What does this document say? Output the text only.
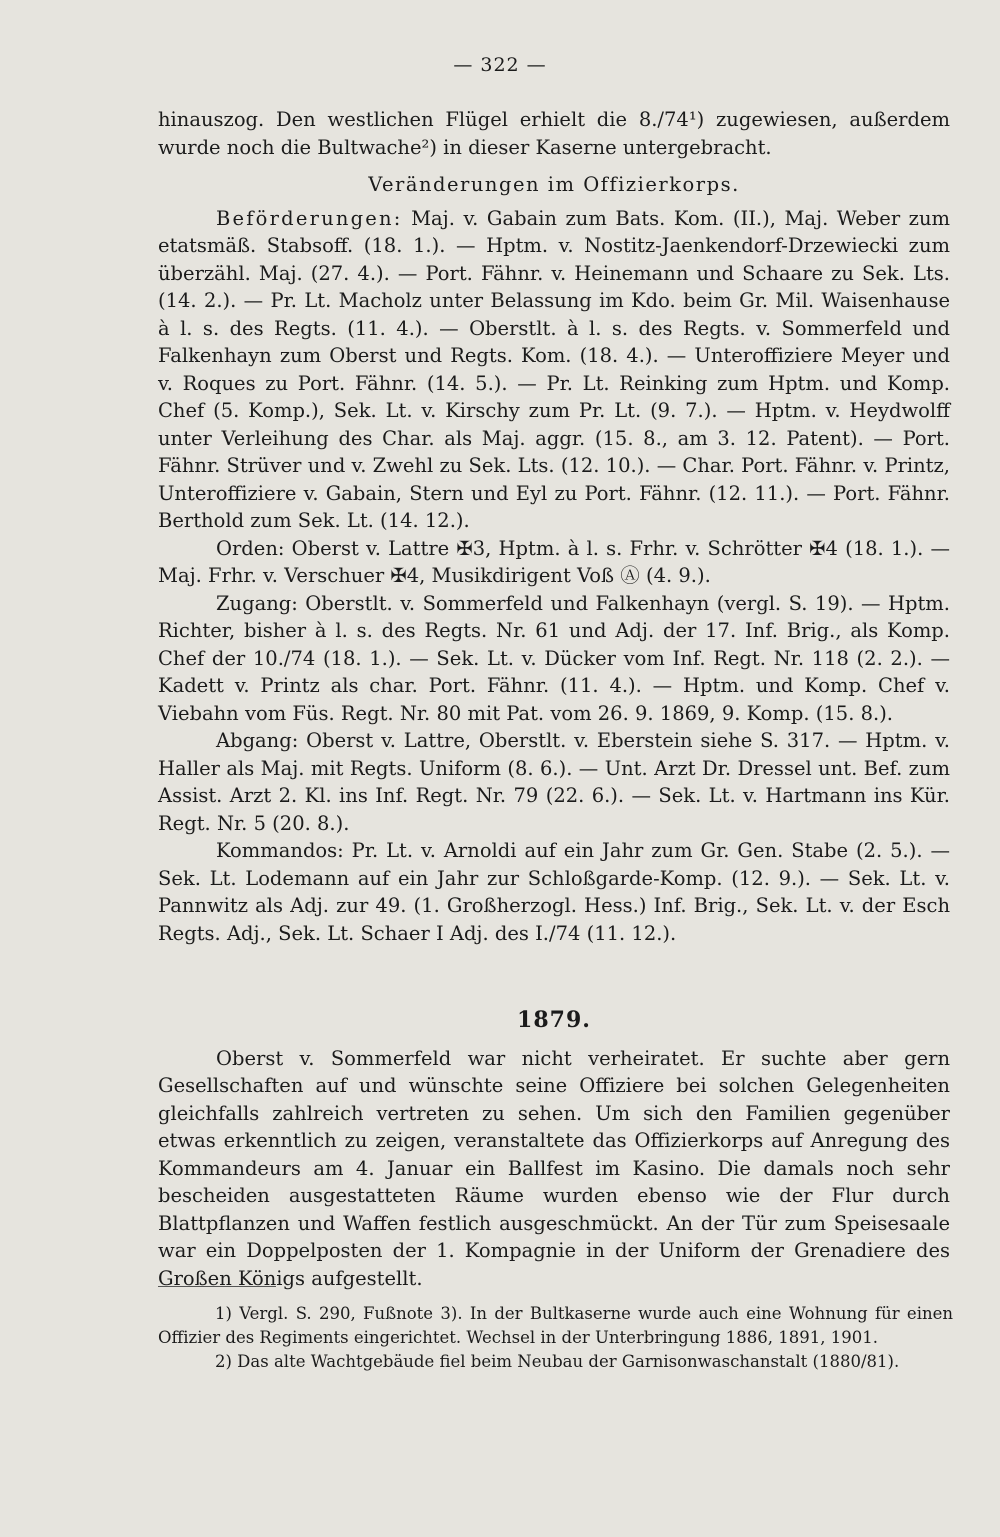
— 322 —

hinauszog. Den westlichen Flügel erhielt die 8./74¹) zugewiesen, außerdem wurde noch die Bultwache²) in dieser Kaserne untergebracht.

Veränderungen im Offizierkorps.

Beförderungen: Maj. v. Gabain zum Bats. Kom. (II.), Maj. Weber zum etatsmäß. Stabsoff. (18. 1.). — Hptm. v. Nostitz-Jaenkendorf-Drzewiecki zum überzähl. Maj. (27. 4.). — Port. Fähnr. v. Heinemann und Schaare zu Sek. Lts. (14. 2.). — Pr. Lt. Macholz unter Belassung im Kdo. beim Gr. Mil. Waisenhause à l. s. des Regts. (11. 4.). — Oberstlt. à l. s. des Regts. v. Sommerfeld und Falkenhayn zum Oberst und Regts. Kom. (18. 4.). — Unteroffiziere Meyer und v. Roques zu Port. Fähnr. (14. 5.). — Pr. Lt. Reinking zum Hptm. und Komp. Chef (5. Komp.), Sek. Lt. v. Kirschy zum Pr. Lt. (9. 7.). — Hptm. v. Heydwolff unter Verleihung des Char. als Maj. aggr. (15. 8., am 3. 12. Patent). — Port. Fähnr. Strüver und v. Zwehl zu Sek. Lts. (12. 10.). — Char. Port. Fähnr. v. Printz, Unteroffiziere v. Gabain, Stern und Eyl zu Port. Fähnr. (12. 11.). — Port. Fähnr. Berthold zum Sek. Lt. (14. 12.).

Orden: Oberst v. Lattre ✠3, Hptm. à l. s. Frhr. v. Schrötter ✠4 (18. 1.). — Maj. Frhr. v. Verschuer ✠4, Musikdirigent Voß Ⓐ (4. 9.).

Zugang: Oberstlt. v. Sommerfeld und Falkenhayn (vergl. S. 19). — Hptm. Richter, bisher à l. s. des Regts. Nr. 61 und Adj. der 17. Inf. Brig., als Komp. Chef der 10./74 (18. 1.). — Sek. Lt. v. Dücker vom Inf. Regt. Nr. 118 (2. 2.). — Kadett v. Printz als char. Port. Fähnr. (11. 4.). — Hptm. und Komp. Chef v. Viebahn vom Füs. Regt. Nr. 80 mit Pat. vom 26. 9. 1869, 9. Komp. (15. 8.).

Abgang: Oberst v. Lattre, Oberstlt. v. Eberstein siehe S. 317. — Hptm. v. Haller als Maj. mit Regts. Uniform (8. 6.). — Unt. Arzt Dr. Dressel unt. Bef. zum Assist. Arzt 2. Kl. ins Inf. Regt. Nr. 79 (22. 6.). — Sek. Lt. v. Hartmann ins Kür. Regt. Nr. 5 (20. 8.).

Kommandos: Pr. Lt. v. Arnoldi auf ein Jahr zum Gr. Gen. Stabe (2. 5.). — Sek. Lt. Lodemann auf ein Jahr zur Schloßgarde-Komp. (12. 9.). — Sek. Lt. v. Pannwitz als Adj. zur 49. (1. Großherzogl. Hess.) Inf. Brig., Sek. Lt. v. der Esch Regts. Adj., Sek. Lt. Schaer I Adj. des I./74 (11. 12.).

1879.

Oberst v. Sommerfeld war nicht verheiratet. Er suchte aber gern Gesellschaften auf und wünschte seine Offiziere bei solchen Gelegenheiten gleichfalls zahlreich vertreten zu sehen. Um sich den Familien gegenüber etwas erkenntlich zu zeigen, veranstaltete das Offizierkorps auf Anregung des Kommandeurs am 4. Januar ein Ballfest im Kasino. Die damals noch sehr bescheiden ausgestatteten Räume wurden ebenso wie der Flur durch Blattpflanzen und Waffen festlich ausgeschmückt. An der Tür zum Speisesaale war ein Doppelposten der 1. Kompagnie in der Uniform der Grenadiere des Großen Königs aufgestellt.

1) Vergl. S. 290, Fußnote 3). In der Bultkaserne wurde auch eine Wohnung für einen Offizier des Regiments eingerichtet. Wechsel in der Unterbringung 1886, 1891, 1901.

2) Das alte Wachtgebäude fiel beim Neubau der Garnisonwaschanstalt (1880/81).
